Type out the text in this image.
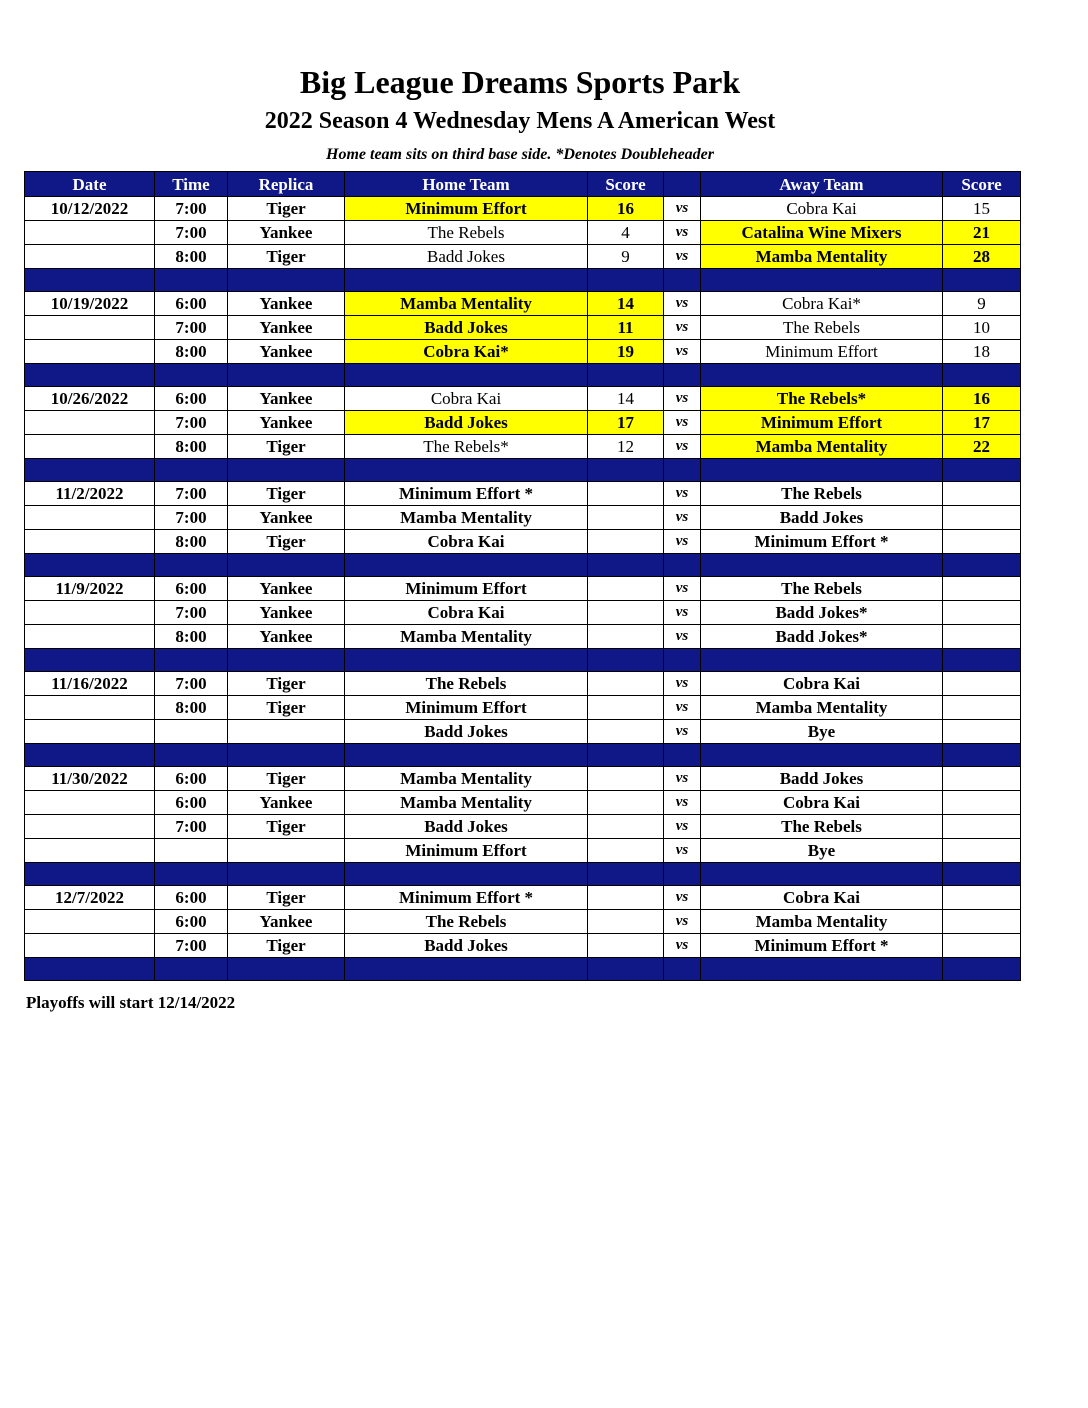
Big League Dreams Sports Park
2022 Season 4 Wednesday Mens A American West
Home team sits on third base side. *Denotes Doubleheader
Date	Time	Replica	Home Team	Score		Away Team	Score
10/12/2022	7:00	Tiger	Minimum Effort	16	vs	Cobra Kai	15
	7:00	Yankee	The Rebels	4	vs	Catalina Wine Mixers	21
	8:00	Tiger	Badd Jokes	9	vs	Mamba Mentality	28

10/19/2022	6:00	Yankee	Mamba Mentality	14	vs	Cobra Kai*	9
	7:00	Yankee	Badd Jokes	11	vs	The Rebels	10
	8:00	Yankee	Cobra Kai*	19	vs	Minimum Effort	18

10/26/2022	6:00	Yankee	Cobra Kai	14	vs	The Rebels*	16
	7:00	Yankee	Badd Jokes	17	vs	Minimum Effort	17
	8:00	Tiger	The Rebels*	12	vs	Mamba Mentality	22

11/2/2022	7:00	Tiger	Minimum Effort *		vs	The Rebels	
	7:00	Yankee	Mamba Mentality		vs	Badd Jokes	
	8:00	Tiger	Cobra Kai		vs	Minimum Effort *	

11/9/2022	6:00	Yankee	Minimum Effort		vs	The Rebels	
	7:00	Yankee	Cobra Kai		vs	Badd Jokes*	
	8:00	Yankee	Mamba Mentality		vs	Badd Jokes*	

11/16/2022	7:00	Tiger	The Rebels		vs	Cobra Kai	
	8:00	Tiger	Minimum Effort		vs	Mamba Mentality	
			Badd Jokes		vs	Bye	

11/30/2022	6:00	Tiger	Mamba Mentality		vs	Badd Jokes	
	6:00	Yankee	Mamba Mentality		vs	Cobra Kai	
	7:00	Tiger	Badd Jokes		vs	The Rebels	
			Minimum Effort		vs	Bye	

12/7/2022	6:00	Tiger	Minimum Effort *		vs	Cobra Kai	
	6:00	Yankee	The Rebels		vs	Mamba Mentality	
	7:00	Tiger	Badd Jokes		vs	Minimum Effort *	

Playoffs will start 12/14/2022
